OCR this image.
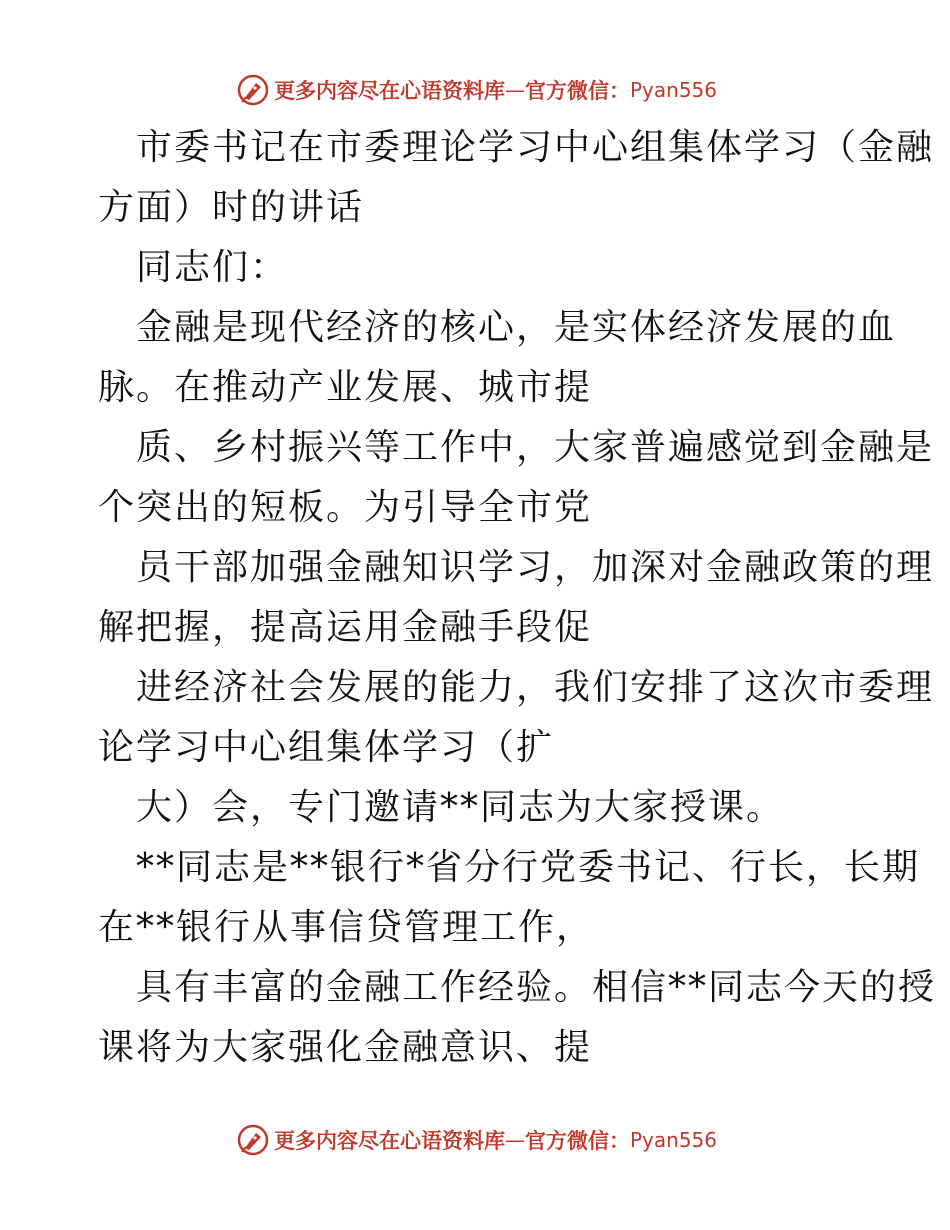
更多内容尽在心语资料库 — 官方微信： Pyan556
市委书记在市委理论学习中心组集体学习（金融
方面）时的讲话
同志们：
金融是现代经济的核心，是实体经济发展的血
脉。在推动产业发展、城市提
质、乡村振兴等工作中，大家普遍感觉到金融是
个突出的短板。为引导全市党
员干部加强金融知识学习，加深对金融政策的理
解把握，提高运用金融手段促
进经济社会发展的能力，我们安排了这次市委理
论学习中心组集体学习（扩
大）会，专门邀请**同志为大家授课。
**同志是**银行*省分行党委书记、行长，长期
在**银行从事信贷管理工作，
具有丰富的金融工作经验。相信**同志今天的授
课将为大家强化金融意识、提
更多内容尽在心语资料库 — 官方微信： Pyan556
